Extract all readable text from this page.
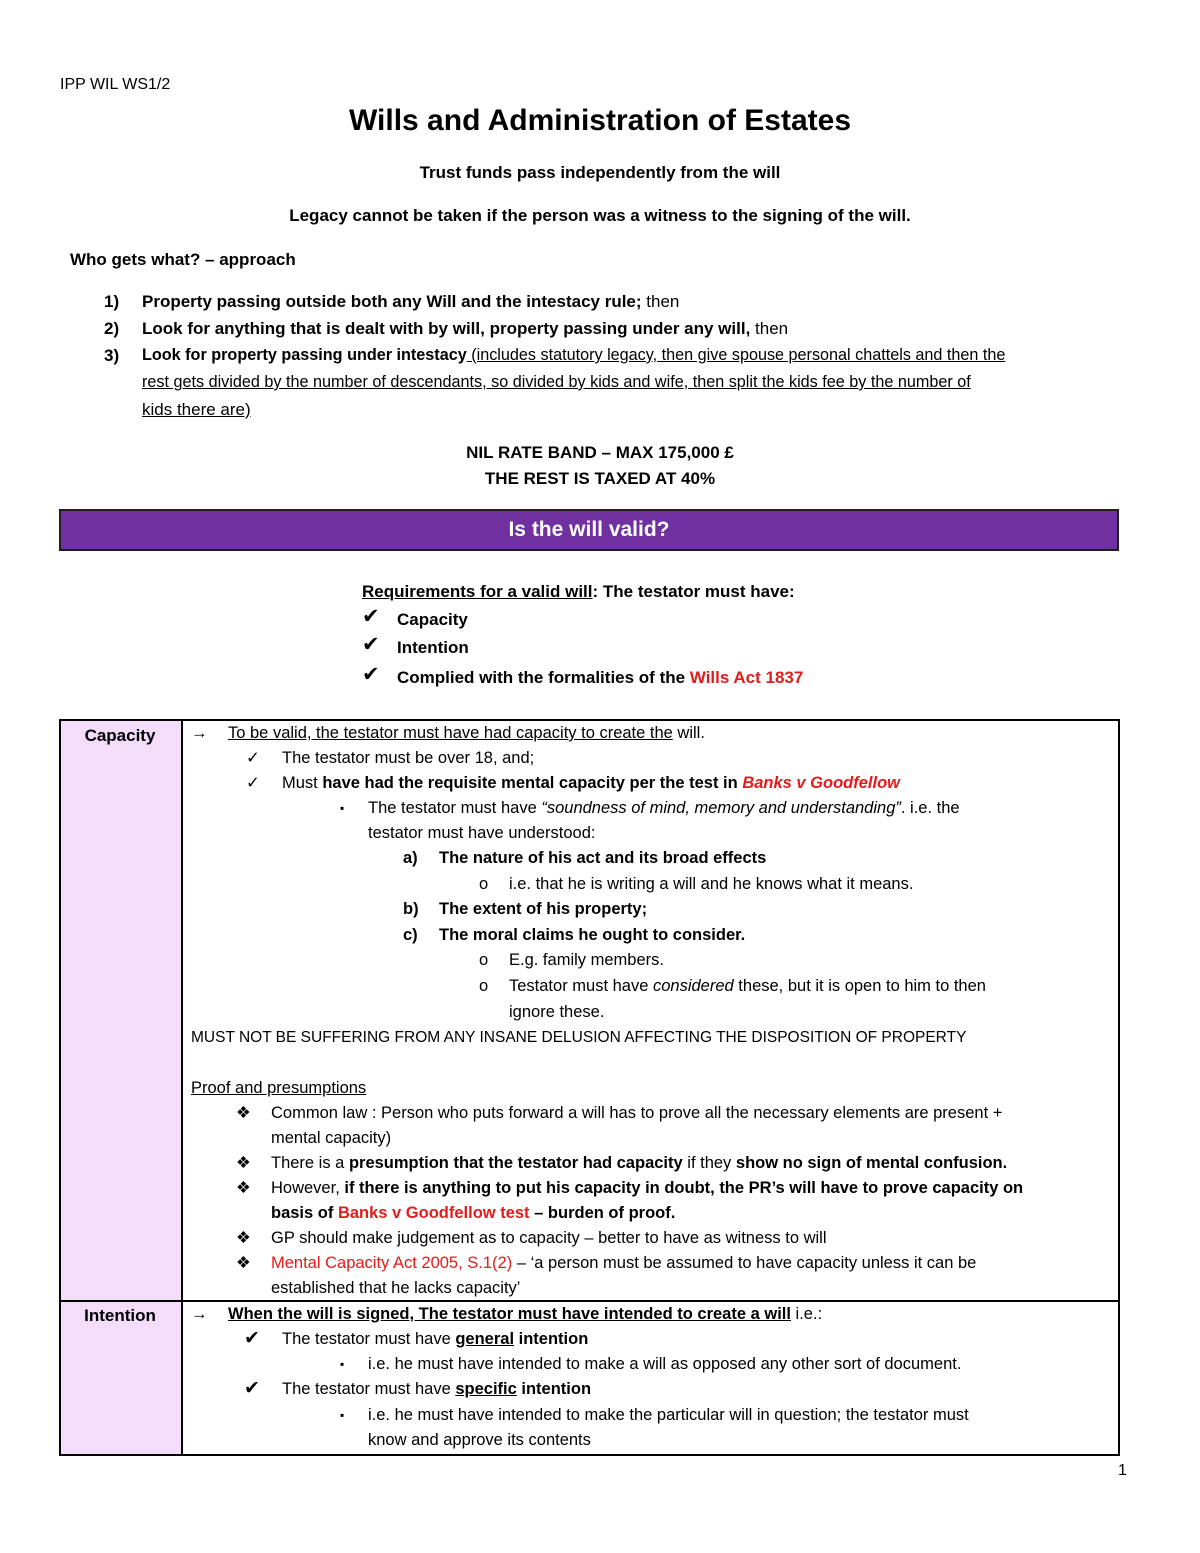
IPP WIL WS1/2
Wills and Administration of Estates
Trust funds pass independently from the will
Legacy cannot be taken if the person was a witness to the signing of the will.
Who gets what? – approach
1) Property passing outside both any Will and the intestacy rule; then
2) Look for anything that is dealt with by will, property passing under any will, then
3) Look for property passing under intestacy (includes statutory legacy, then give spouse personal chattels and then the
rest gets divided by the number of descendants, so divided by kids and wife, then split the kids fee by the number of
kids there are)
NIL RATE BAND – MAX 175,000 £
THE REST IS TAXED AT 40%
Is the will valid?
Requirements for a valid will: The testator must have:
✔ Capacity
✔ Intention
✔ Complied with the formalities of the Wills Act 1837
Capacity
Intention
→ To be valid, the testator must have had capacity to create the will.
✓ The testator must be over 18, and;
✓ Must have had the requisite mental capacity per the test in Banks v Goodfellow
▪ The testator must have “soundness of mind, memory and understanding”. i.e. the
testator must have understood:
a) The nature of his act and its broad effects
o i.e. that he is writing a will and he knows what it means.
b) The extent of his property;
c) The moral claims he ought to consider.
o E.g. family members.
o Testator must have considered these, but it is open to him to then
ignore these.
MUST NOT BE SUFFERING FROM ANY INSANE DELUSION AFFECTING THE DISPOSITION OF PROPERTY
Proof and presumptions
❖ Common law : Person who puts forward a will has to prove all the necessary elements are present +
mental capacity)
❖ There is a presumption that the testator had capacity if they show no sign of mental confusion.
❖ However, if there is anything to put his capacity in doubt, the PR’s will have to prove capacity on
basis of Banks v Goodfellow test – burden of proof.
❖ GP should make judgement as to capacity – better to have as witness to will
❖ Mental Capacity Act 2005, S.1(2) – ‘a person must be assumed to have capacity unless it can be
established that he lacks capacity’
→ When the will is signed, The testator must have intended to create a will i.e.:
✔ The testator must have general intention
▪ i.e. he must have intended to make a will as opposed any other sort of document.
✔ The testator must have specific intention
▪ i.e. he must have intended to make the particular will in question; the testator must
know and approve its contents
1
